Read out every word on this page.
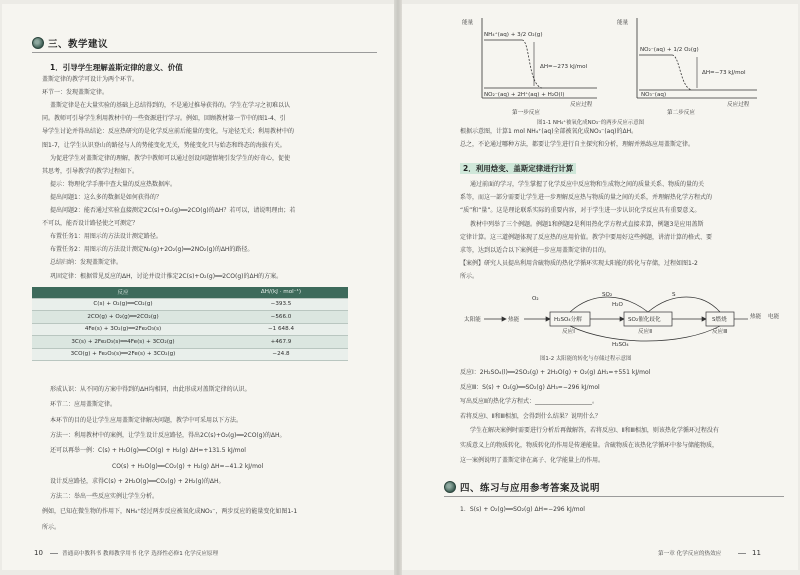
三、教学建议
1．引导学生理解盖斯定律的意义、价值
盖斯定律的教学可设计为两个环节。
环节一：发现盖斯定律。
盖斯定律是在大量实验的基础上总结得到的，不是通过推导获得的。学生在学习之初难以认
同。教师可引导学生利用教材中的一些资源进行学习。例如，回顾教材第一节中的图1-4、引
导学生讨论并得出结论：反应热研究的是化学反应前后能量的变化，与途径无关；利用教材中的
图1-7，让学生认识登山的路径与人的势能变化无关，势能变化只与始态和终态的海拔有关。
为促进学生对盖斯定律的理解，教学中教师可以通过创设问题情境引发学生的好奇心，促使
其思考，引导教学的教学过程如下。
提示：物理化学手册中查大量的反应热数据库。
提出问题1：这么多的数据是如何获得的？
提出问题2：能否通过实验直接测定2C(s)+O₂(g)══2CO(g)的ΔH？若可以，请说明理由；若
不可以，能否设计路径使之可测定？
布置任务1：用图示的方法设计测定路径。
布置任务2：用图示的方法设计测定N₂(g)+2O₂(g)══2NO₂(g)的ΔH的路径。
总结归纳：发现盖斯定律。
巩固定律：根据常见反应的ΔH，讨论并设计推定2C(s)+O₂(g)══2CO(g)的ΔH的方案。
反应	ΔH/(kJ · mol⁻¹)
C(s) + O₂(g)══CO₂(g)	−393.5
2CO(g) + O₂(g)══2CO₂(g)	−566.0
4Fe(s) + 3O₂(g)══2Fe₂O₃(s)	−1 648.4
3C(s) + 2Fe₂O₃(s)══4Fe(s) + 3CO₂(g)	+467.9
3CO(g) + Fe₂O₃(s)══2Fe(s) + 3CO₂(g)	−24.8
形成认识：从不同的方案中得到的ΔH均相同，由此形成对盖斯定律的认识。
环节二：应用盖斯定律。
本环节的目的是让学生应用盖斯定律解决问题，教学中可采用以下方法。
方法一：利用教材中的案例，让学生设计反应路径，得出2C(s)+O₂(g)══2CO(g)的ΔH。
还可以再举一例：C(s) + H₂O(g)══CO(g) + H₂(g) ΔH=+131.5 kJ/mol
CO(s) + H₂O(g)══CO₂(g) + H₂(g) ΔH=−41.2 kJ/mol
设计反应路径，求得C(s) + 2H₂O(g)══CO₂(g) + 2H₂(g)的ΔH。
方法二：举出一些反应实例让学生分析。
例如，已知在微生物的作用下，NH₄⁺经过两步反应被氧化成NO₃⁻，两步反应的能量变化如图1-1
所示。
10	普通高中教科书 教师教学用书 化学 选择性必修1 化学反应原理
能量
NH₄⁺(aq) + 3/2 O₂(g)
ΔH=−273 kJ/mol
NO₂⁻(aq) + 2H⁺(aq) + H₂O(l)
反应过程
第一步反应
能量
NO₂⁻(aq) + 1/2 O₂(g)
ΔH=−73 kJ/mol
NO₃⁻(aq)
反应过程
第二步反应
图1-1 NH₄⁺被氧化成NO₃⁻的两步反应示意图
根据示意图，计算1 mol NH₄⁺(aq)全部被氧化成NO₃⁻(aq)的ΔH。
总之，不论通过哪种方法，都要让学生进行自主探究和分析，理解并熟练应用盖斯定律。
2．利用焓变、盖斯定律进行计算
通过前面的学习，学生掌握了化学反应中反应物和生成物之间的质量关系、物质的量的关
系等，而这一部分需要让学生进一步理解反应热与物质的量之间的关系，并理解热化学方程式的
“质”和“量”。这是理论联系实际的重要内容，对于学生进一步认识化学反应具有重要意义。
教材中列举了三个例题。例题1和例题2是利用热化学方程式直接求算，例题3是应用盖斯
定律计算。这三道例题体现了反应热的应用价值。教学中要用好这些例题，讲清计算的格式、要
求等，达到以适合以下案例进一步应用盖斯定律的目的。
【案例】研究人员提出利用含硫物质的热化学循环实现太阳能的转化与存储，过程如图1-2
所示。
太阳能	热能	H₂SO₄分解
反应Ⅰ
SO₂催化歧化
反应Ⅱ
S燃烧
反应Ⅲ
热能 电能
O₂
SO₂
H₂O
S
H₂SO₄
图1-2 太阳能的转化与存储过程示意图
反应Ⅰ：2H₂SO₄(l)══2SO₂(g) + 2H₂O(g) + O₂(g) ΔH₁=+551 kJ/mol
反应Ⅲ：S(s) + O₂(g)══SO₂(g) ΔH₃=−296 kJ/mol
写出反应Ⅱ的热化学方程式：___________________。
若将反应Ⅰ、Ⅱ和Ⅲ相加，会得到什么结果？说明什么？
学生在解决案例时需要进行分析后再做解答，若将反应Ⅰ、Ⅱ和Ⅲ相加，则该热化学循环过程没有
实质意义上的物质转化，物质转化的作用是传递能量。含硫物质在该热化学循环中参与储能物质，
这一案例说明了盖斯定律在离子、化学能量上的作用。
四、练习与应用参考答案及说明
1．S(s) + O₂(g)══SO₂(g) ΔH=−296 kJ/mol
第一章 化学反应的热效应	11
